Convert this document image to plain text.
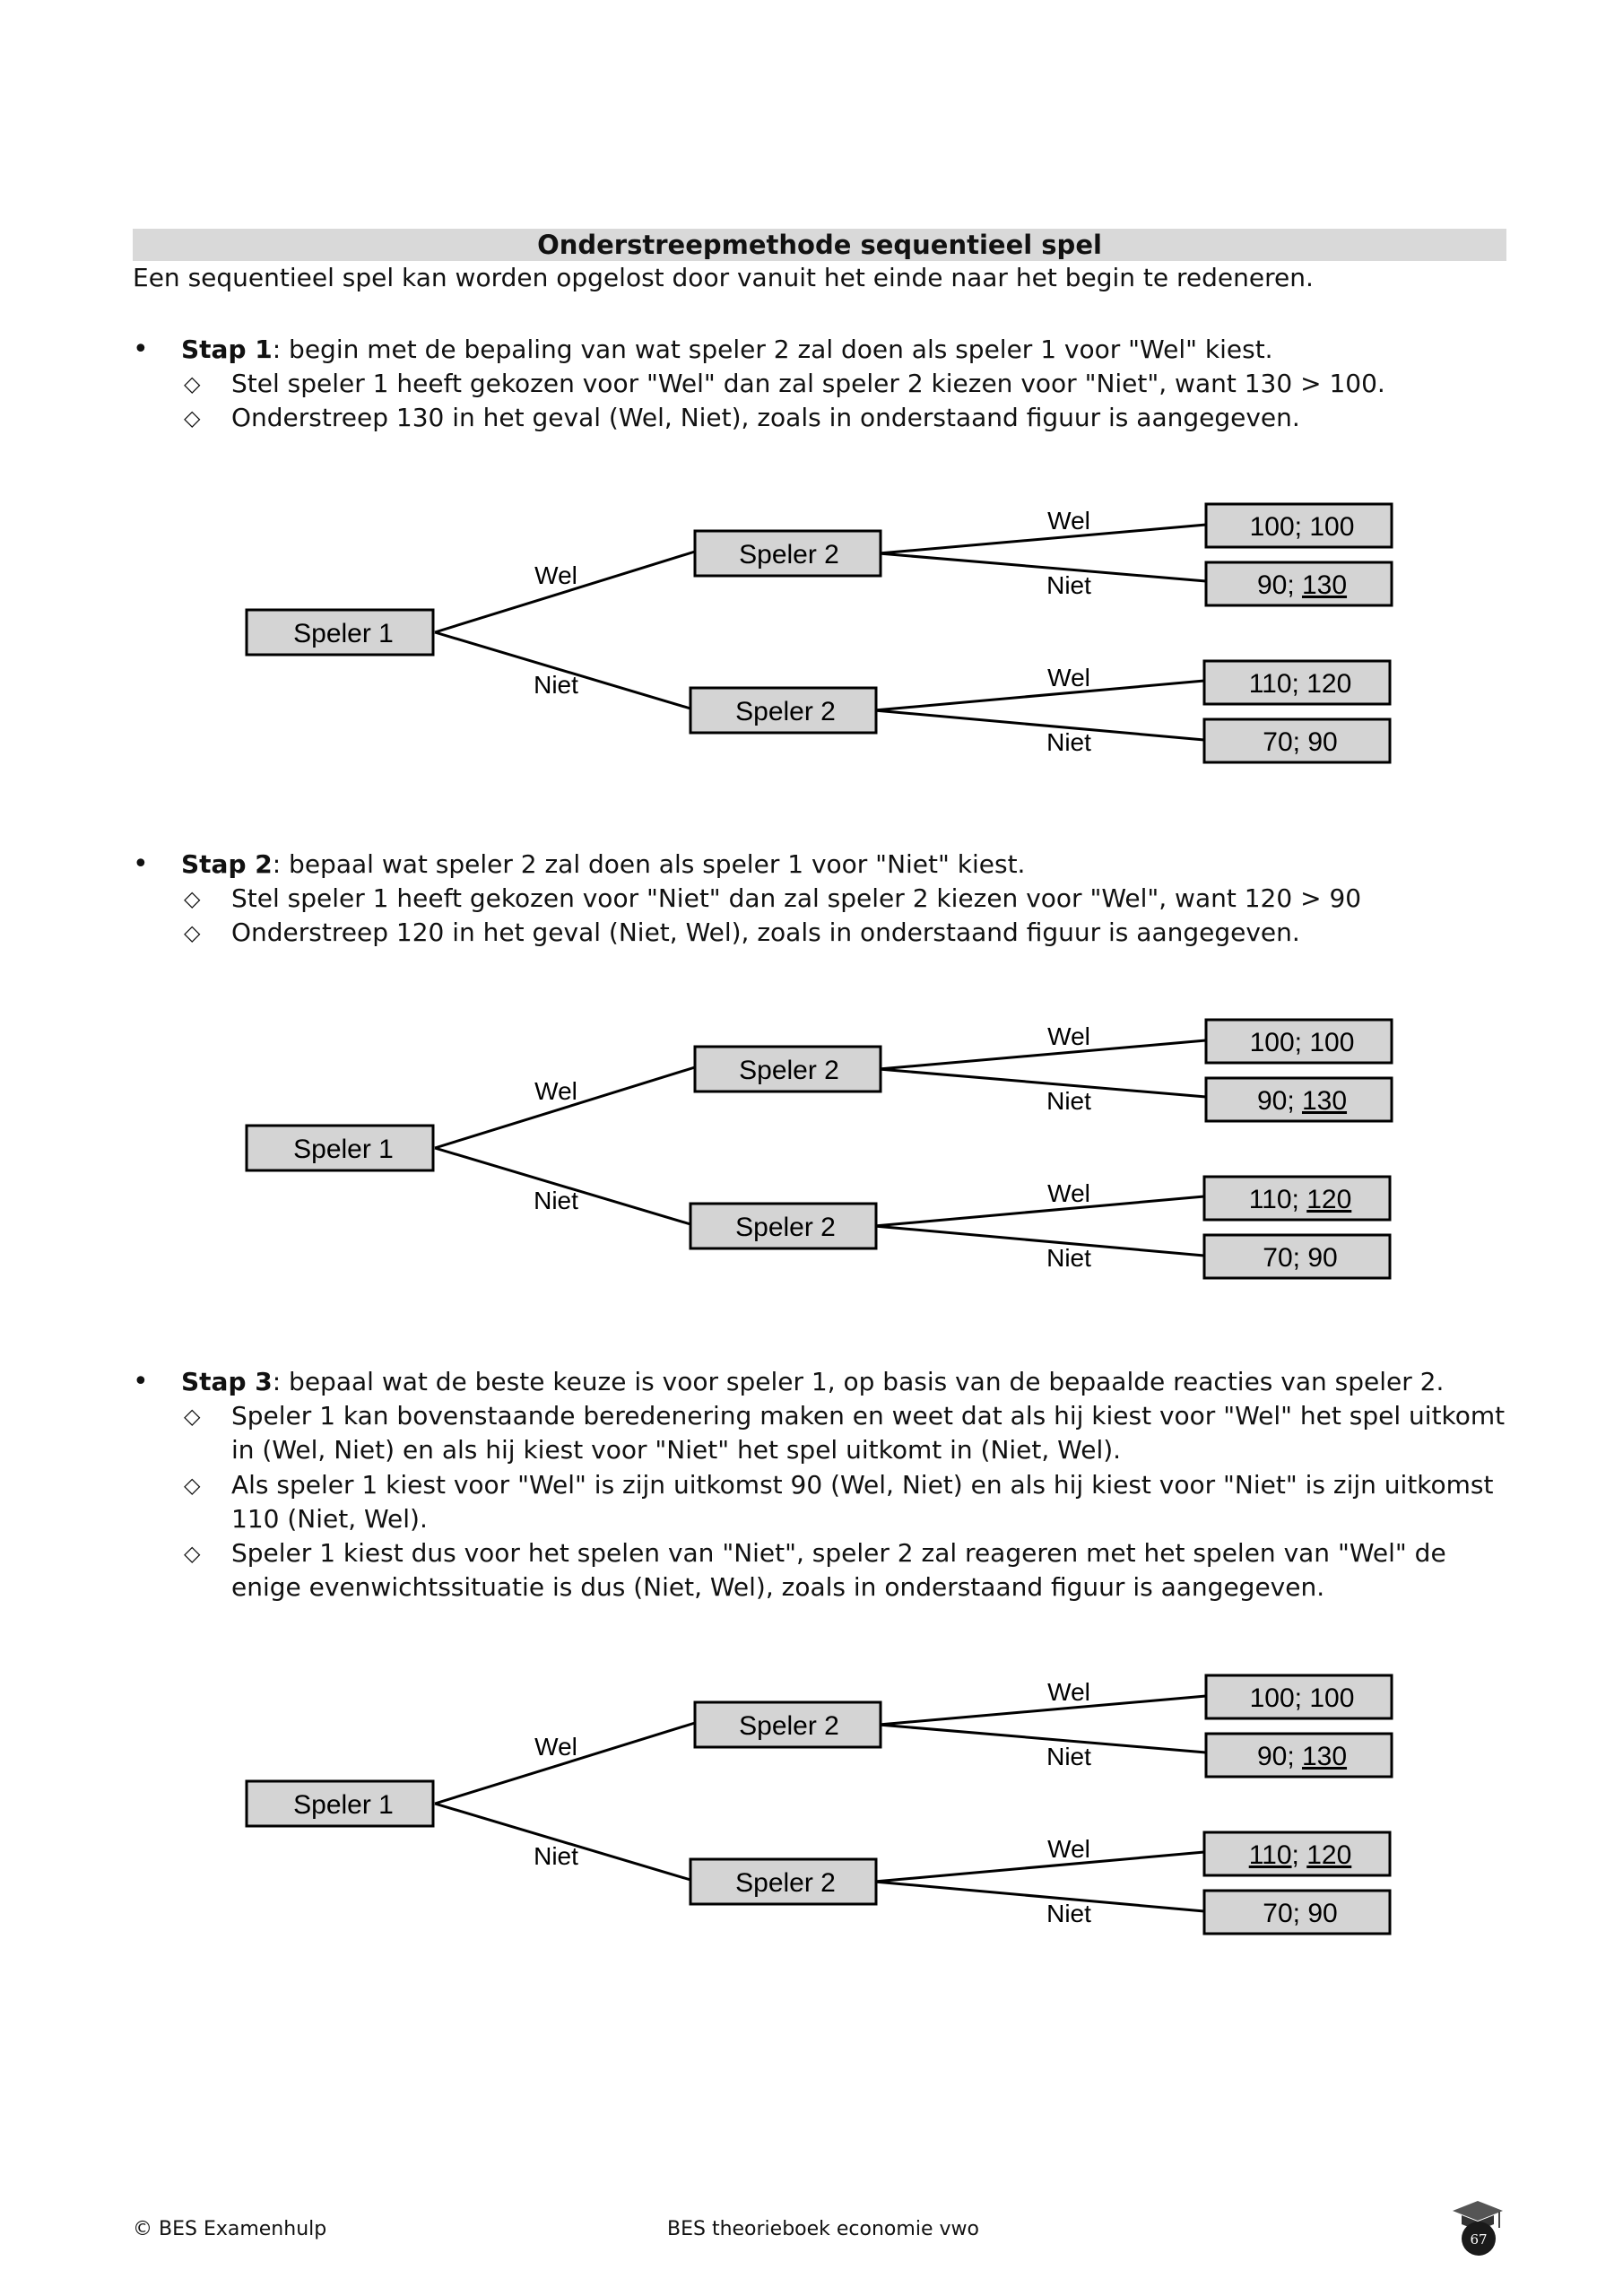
Onderstreepmethode sequentieel spel
Een sequentieel spel kan worden opgelost door vanuit het einde naar het begin te redeneren.
• Stap 1: begin met de bepaling van wat speler 2 zal doen als speler 1 voor "Wel" kiest.
◇ Stel speler 1 heeft gekozen voor "Wel" dan zal speler 2 kiezen voor "Niet", want 130 > 100.
◇ Onderstreep 130 in het geval (Wel, Niet), zoals in onderstaand figuur is aangegeven.
Speler 1
Speler 2
Speler 2
Wel
Niet
Wel
Niet
Wel
Niet
100; 100
90; 130
110; 120
70; 90
• Stap 2: bepaal wat speler 2 zal doen als speler 1 voor "Niet" kiest.
◇ Stel speler 1 heeft gekozen voor "Niet" dan zal speler 2 kiezen voor "Wel", want 120 > 90
◇ Onderstreep 120 in het geval (Niet, Wel), zoals in onderstaand figuur is aangegeven.
Speler 1
Speler 2
Speler 2
Wel
Niet
Wel
Niet
Wel
Niet
100; 100
90; 130
110; 120
70; 90
• Stap 3: bepaal wat de beste keuze is voor speler 1, op basis van de bepaalde reacties van speler 2.
◇ Speler 1 kan bovenstaande beredenering maken en weet dat als hij kiest voor "Wel" het spel uitkomt
in (Wel, Niet) en als hij kiest voor "Niet" het spel uitkomt in (Niet, Wel).
◇ Als speler 1 kiest voor "Wel" is zijn uitkomst 90 (Wel, Niet) en als hij kiest voor "Niet" is zijn uitkomst
110 (Niet, Wel).
◇ Speler 1 kiest dus voor het spelen van "Niet", speler 2 zal reageren met het spelen van "Wel" de
enige evenwichtssituatie is dus (Niet, Wel), zoals in onderstaand figuur is aangegeven.
Speler 1
Speler 2
Speler 2
Wel
Niet
Wel
Niet
Wel
Niet
100; 100
90; 130
110; 120
70; 90
© BES Examenhulp	BES theorieboek economie vwo	67
